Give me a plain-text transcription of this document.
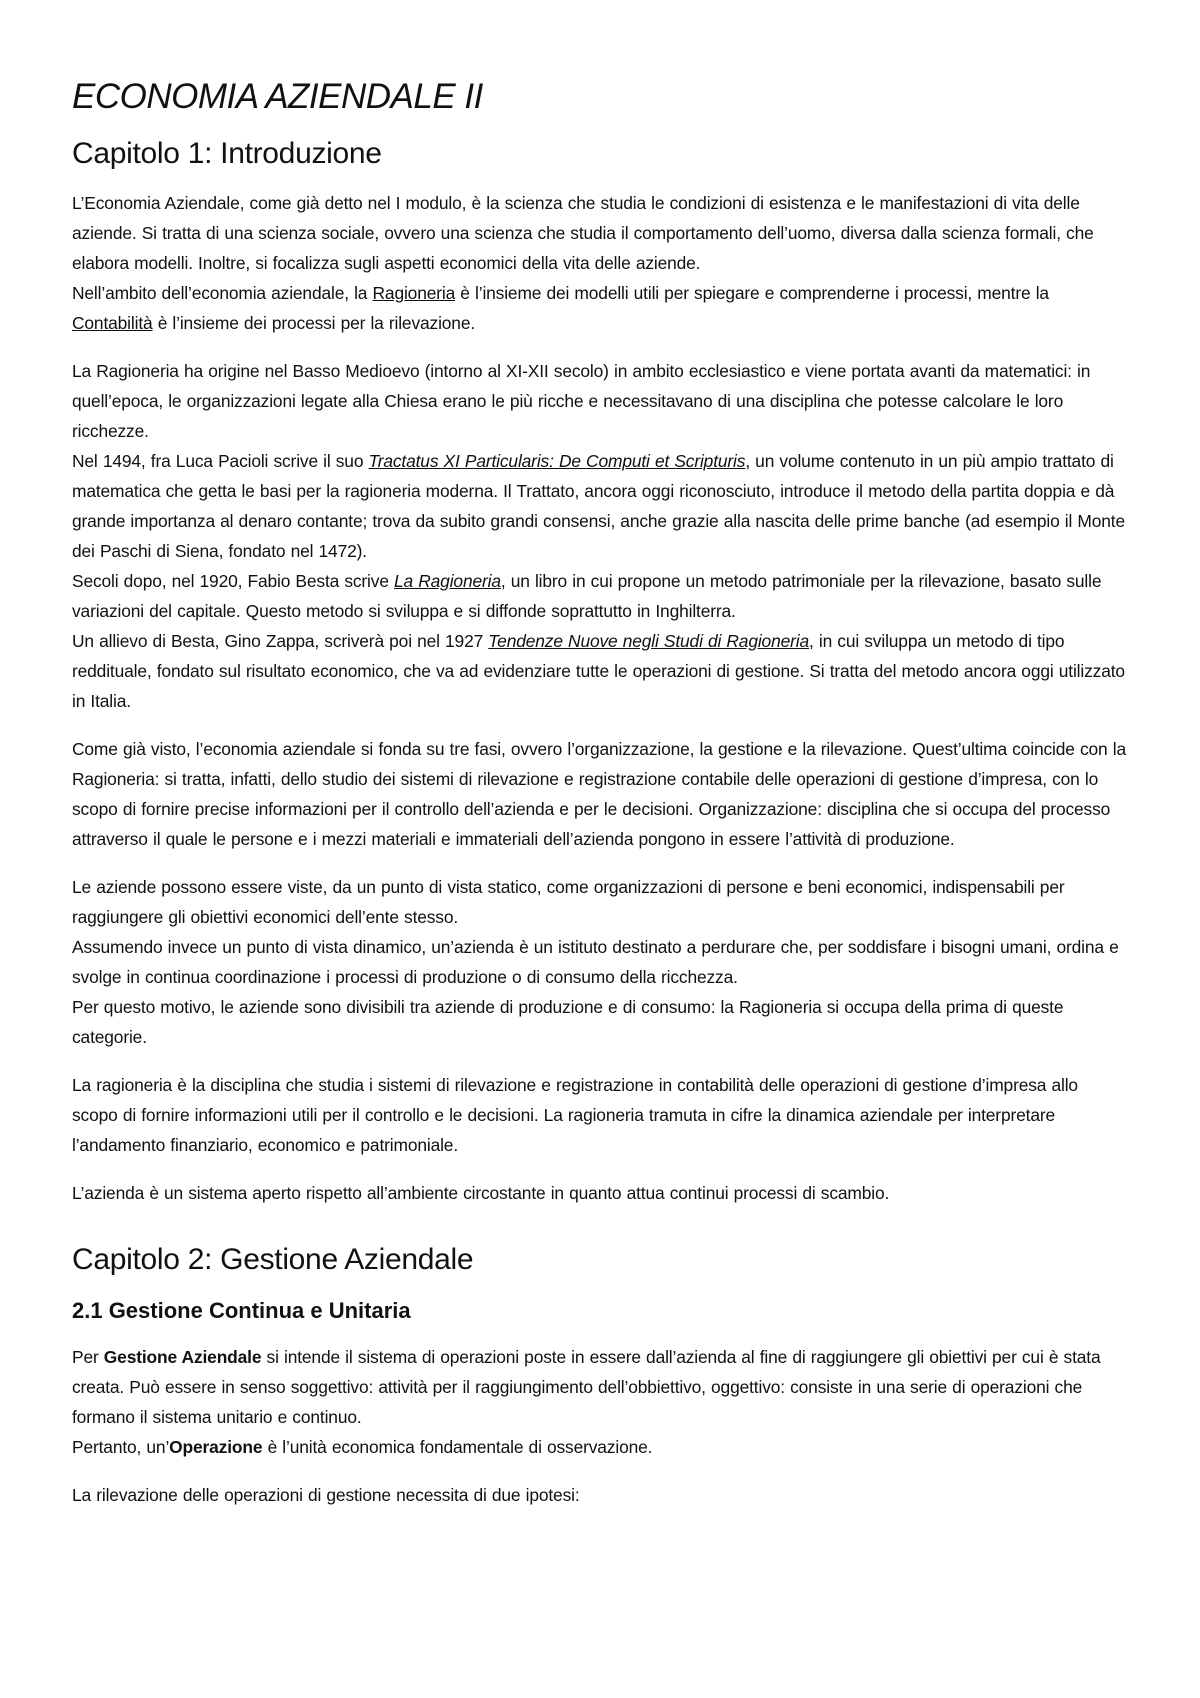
ECONOMIA AZIENDALE II
Capitolo 1: Introduzione

L’Economia Aziendale, come già detto nel I modulo, è la scienza che studia le condizioni di esistenza e le manifestazioni di vita delle aziende. Si tratta di una scienza sociale, ovvero una scienza che studia il comportamento dell’uomo, diversa dalla scienza formali, che elabora modelli. Inoltre, si focalizza sugli aspetti economici della vita delle aziende.

Nell’ambito dell’economia aziendale, la Ragioneria è l’insieme dei modelli utili per spiegare e comprenderne i processi, mentre la Contabilità è l’insieme dei processi per la rilevazione.

La Ragioneria ha origine nel Basso Medioevo (intorno al XI-XII secolo) in ambito ecclesiastico e viene portata avanti da matematici: in quell’epoca, le organizzazioni legate alla Chiesa erano le più ricche e necessitavano di una disciplina che potesse calcolare le loro ricchezze.

Nel 1494, fra Luca Pacioli scrive il suo Tractatus XI Particularis: De Computi et Scripturis, un volume contenuto in un più ampio trattato di matematica che getta le basi per la ragioneria moderna. Il Trattato, ancora oggi riconosciuto, introduce il metodo della partita doppia e dà grande importanza al denaro contante; trova da subito grandi consensi, anche grazie alla nascita delle prime banche (ad esempio il Monte dei Paschi di Siena, fondato nel 1472).

Secoli dopo, nel 1920, Fabio Besta scrive La Ragioneria, un libro in cui propone un metodo patrimoniale per la rilevazione, basato sulle variazioni del capitale. Questo metodo si sviluppa e si diffonde soprattutto in Inghilterra.

Un allievo di Besta, Gino Zappa, scriverà poi nel 1927 Tendenze Nuove negli Studi di Ragioneria, in cui sviluppa un metodo di tipo reddituale, fondato sul risultato economico, che va ad evidenziare tutte le operazioni di gestione. Si tratta del metodo ancora oggi utilizzato in Italia.

Come già visto, l’economia aziendale si fonda su tre fasi, ovvero l’organizzazione, la gestione e la rilevazione. Quest’ultima coincide con la Ragioneria: si tratta, infatti, dello studio dei sistemi di rilevazione e registrazione contabile delle operazioni di gestione d’impresa, con lo scopo di fornire precise informazioni per il controllo dell’azienda e per le decisioni. Organizzazione: disciplina che si occupa del processo attraverso il quale le persone e i mezzi materiali e immateriali dell’azienda pongono in essere l’attività di produzione.

Le aziende possono essere viste, da un punto di vista statico, come organizzazioni di persone e beni economici, indispensabili per raggiungere gli obiettivi economici dell’ente stesso.

Assumendo invece un punto di vista dinamico, un’azienda è un istituto destinato a perdurare che, per soddisfare i bisogni umani, ordina e svolge in continua coordinazione i processi di produzione o di consumo della ricchezza.

Per questo motivo, le aziende sono divisibili tra aziende di produzione e di consumo: la Ragioneria si occupa della prima di queste categorie.

La ragioneria è la disciplina che studia i sistemi di rilevazione e registrazione in contabilità delle operazioni di gestione d’impresa allo scopo di fornire informazioni utili per il controllo e le decisioni. La ragioneria tramuta in cifre la dinamica aziendale per interpretare l’andamento finanziario, economico e patrimoniale.

L’azienda è un sistema aperto rispetto all’ambiente circostante in quanto attua continui processi di scambio.

Capitolo 2: Gestione Aziendale
2.1 Gestione Continua e Unitaria

Per Gestione Aziendale si intende il sistema di operazioni poste in essere dall’azienda al fine di raggiungere gli obiettivi per cui è stata creata. Può essere in senso soggettivo: attività per il raggiungimento dell’obbiettivo, oggettivo: consiste in una serie di operazioni che formano il sistema unitario e continuo.

Pertanto, un’Operazione è l’unità economica fondamentale di osservazione.

La rilevazione delle operazioni di gestione necessita di due ipotesi:
